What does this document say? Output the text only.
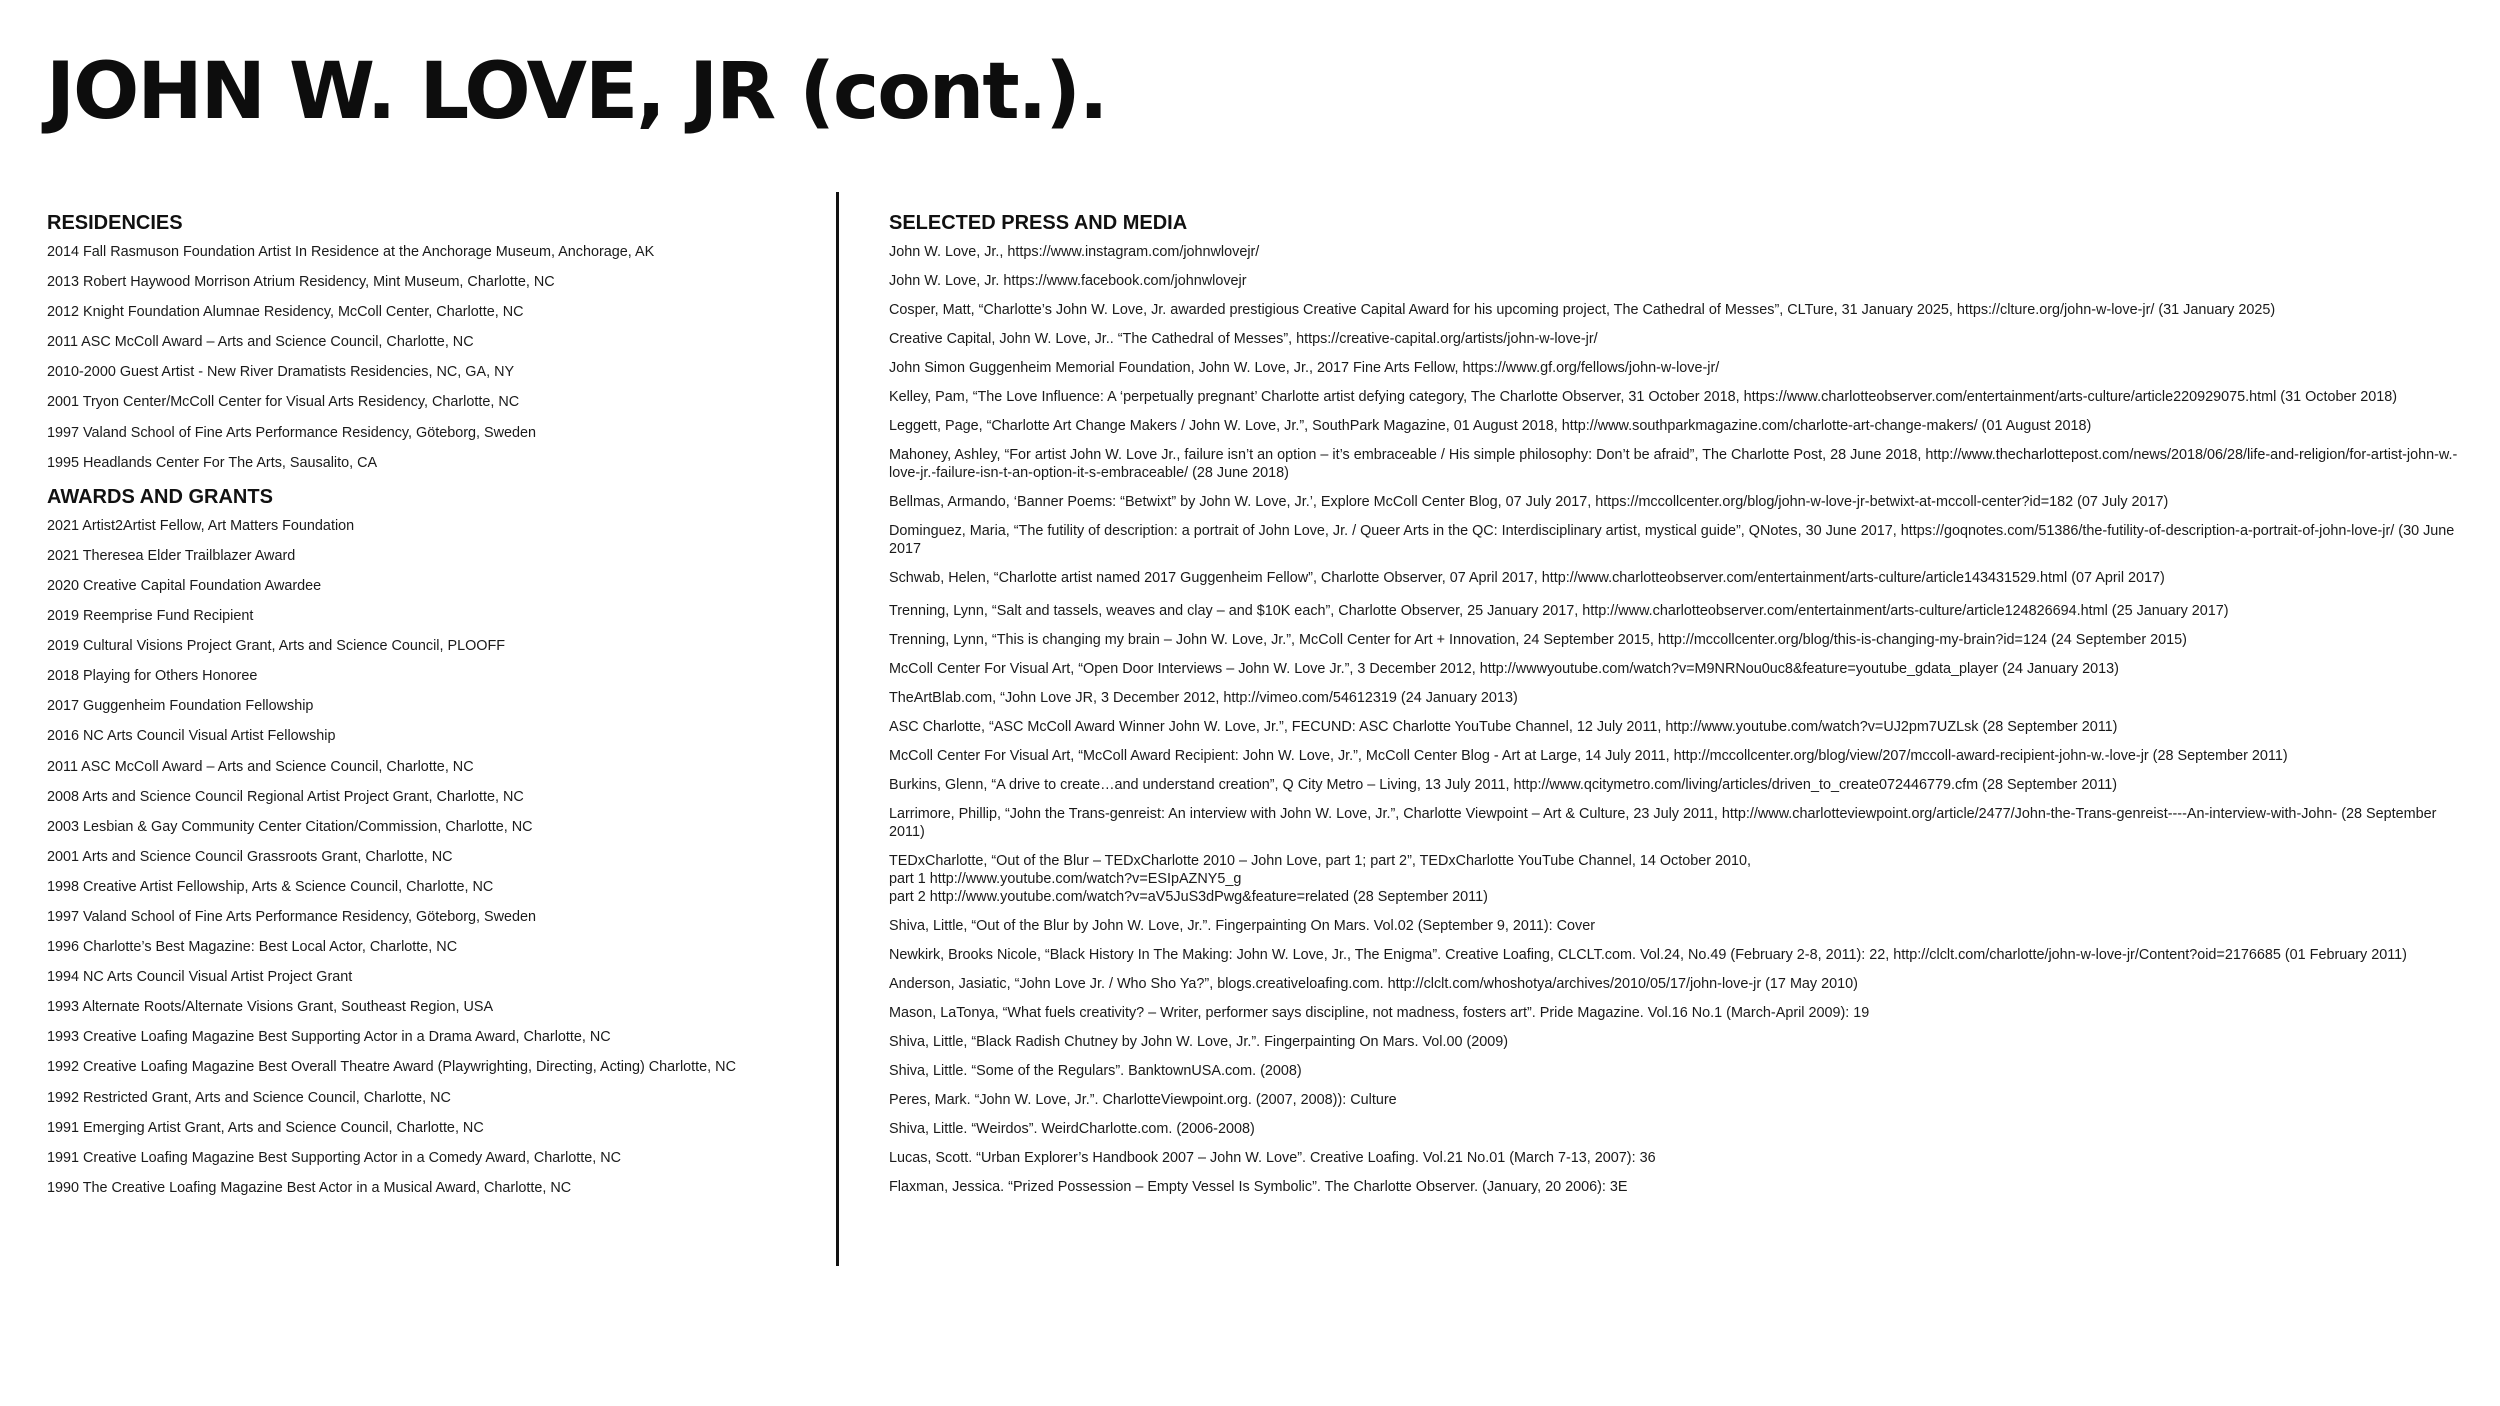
JOHN W. LOVE, JR (cont.).
RESIDENCIES
2014 Fall Rasmuson Foundation Artist In Residence at the Anchorage Museum, Anchorage, AK
2013 Robert Haywood Morrison Atrium Residency, Mint Museum, Charlotte, NC
2012 Knight Foundation Alumnae Residency, McColl Center, Charlotte, NC
2011 ASC McColl Award – Arts and Science Council, Charlotte, NC
2010-2000 Guest Artist - New River Dramatists Residencies, NC, GA, NY
2001 Tryon Center/McColl Center for Visual Arts Residency, Charlotte, NC
1997 Valand School of Fine Arts Performance Residency, Göteborg, Sweden
1995 Headlands Center For The Arts, Sausalito, CA
AWARDS AND GRANTS
2021 Artist2Artist Fellow, Art Matters Foundation
2021 Theresea Elder Trailblazer Award
2020 Creative Capital Foundation Awardee
2019 Reemprise Fund Recipient
2019 Cultural Visions Project Grant, Arts and Science Council, PLOOFF
2018 Playing for Others Honoree
2017 Guggenheim Foundation Fellowship
2016 NC Arts Council Visual Artist Fellowship
2011 ASC McColl Award – Arts and Science Council, Charlotte, NC
2008 Arts and Science Council Regional Artist Project Grant, Charlotte, NC
2003 Lesbian & Gay Community Center Citation/Commission, Charlotte, NC
2001 Arts and Science Council Grassroots Grant, Charlotte, NC
1998 Creative Artist Fellowship, Arts & Science Council, Charlotte, NC
1997 Valand School of Fine Arts Performance Residency, Göteborg, Sweden
1996 Charlotte’s Best Magazine: Best Local Actor, Charlotte, NC
1994 NC Arts Council Visual Artist Project Grant
1993 Alternate Roots/Alternate Visions Grant, Southeast Region, USA
1993 Creative Loafing Magazine Best Supporting Actor in a Drama Award, Charlotte, NC
1992 Creative Loafing Magazine Best Overall Theatre Award (Playwrighting, Directing, Acting) Charlotte, NC
1992 Restricted Grant, Arts and Science Council, Charlotte, NC
1991 Emerging Artist Grant, Arts and Science Council, Charlotte, NC
1991 Creative Loafing Magazine Best Supporting Actor in a Comedy Award, Charlotte, NC
1990 The Creative Loafing Magazine Best Actor in a Musical Award, Charlotte, NC
SELECTED PRESS AND MEDIA
John W. Love, Jr., https://www.instagram.com/johnwlovejr/
John W. Love, Jr. https://www.facebook.com/johnwlovejr
Cosper, Matt, “Charlotte’s John W. Love, Jr. awarded prestigious Creative Capital Award for his upcoming project, The Cathedral of Messes”, CLTure, 31 January 2025, https://clture.org/john-w-love-jr/ (31 January 2025)
Creative Capital, John W. Love, Jr.. “The Cathedral of Messes”, https://creative-capital.org/artists/john-w-love-jr/
John Simon Guggenheim Memorial Foundation, John W. Love, Jr., 2017 Fine Arts Fellow, https://www.gf.org/fellows/john-w-love-jr/
Kelley, Pam, “The Love Influence: A ‘perpetually pregnant’ Charlotte artist defying category, The Charlotte Observer, 31 October 2018, https://www.charlotteobserver.com/entertainment/arts-culture/article220929075.html (31 October 2018)
Leggett, Page, “Charlotte Art Change Makers / John W. Love, Jr.”, SouthPark Magazine, 01 August 2018, http://www.southparkmagazine.com/charlotte-art-change-makers/ (01 August 2018)
Mahoney, Ashley, “For artist John W. Love Jr., failure isn’t an option – it’s embraceable / His simple philosophy: Don’t be afraid”, The Charlotte Post, 28 June 2018, http://www.thecharlottepost.com/news/2018/06/28/life-and-religion/for-artist-john-w.-love-jr.-failure-isn-t-an-option-it-s-embraceable/ (28 June 2018)
Bellmas, Armando, ‘Banner Poems: “Betwixt” by John W. Love, Jr.’, Explore McColl Center Blog, 07 July 2017, https://mccollcenter.org/blog/john-w-love-jr-betwixt-at-mccoll-center?id=182 (07 July 2017)
Dominguez, Maria, “The futility of description: a portrait of John Love, Jr. / Queer Arts in the QC: Interdisciplinary artist, mystical guide”, QNotes, 30 June 2017, https://goqnotes.com/51386/the-futility-of-description-a-portrait-of-john-love-jr/ (30 June 2017
Schwab, Helen, “Charlotte artist named 2017 Guggenheim Fellow”, Charlotte Observer, 07 April 2017, http://www.charlotteobserver.com/entertainment/arts-culture/article143431529.html (07 April 2017)
Trenning, Lynn, “Salt and tassels, weaves and clay – and $10K each”, Charlotte Observer, 25 January 2017, http://www.charlotteobserver.com/entertainment/arts-culture/article124826694.html (25 January 2017)
Trenning, Lynn, “This is changing my brain – John W. Love, Jr.”, McColl Center for Art + Innovation, 24 September 2015, http://mccollcenter.org/blog/this-is-changing-my-brain?id=124 (24 September 2015)
McColl Center For Visual Art, “Open Door Interviews – John W. Love Jr.”, 3 December 2012, http://wwwyoutube.com/watch?v=M9NRNou0uc8&feature=youtube_gdata_player (24 January 2013)
TheArtBlab.com, “John Love JR, 3 December 2012, http://vimeo.com/54612319 (24 January 2013)
ASC Charlotte, “ASC McColl Award Winner John W. Love, Jr.”, FECUND: ASC Charlotte YouTube Channel, 12 July 2011, http://www.youtube.com/watch?v=UJ2pm7UZLsk (28 September 2011)
McColl Center For Visual Art, “McColl Award Recipient: John W. Love, Jr.”, McColl Center Blog - Art at Large, 14 July 2011, http://mccollcenter.org/blog/view/207/mccoll-award-recipient-john-w.-love-jr (28 September 2011)
Burkins, Glenn, “A drive to create…and understand creation”, Q City Metro – Living, 13 July 2011, http://www.qcitymetro.com/living/articles/driven_to_create072446779.cfm (28 September 2011)
Larrimore, Phillip, “John the Trans-genreist: An interview with John W. Love, Jr.”, Charlotte Viewpoint – Art & Culture, 23 July 2011, http://www.charlotteviewpoint.org/article/2477/John-the-Trans-genreist----An-interview-with-John- (28 September 2011)
TEDxCharlotte, “Out of the Blur – TEDxCharlotte 2010 – John Love, part 1; part 2”, TEDxCharlotte YouTube Channel, 14 October 2010,
part 1 http://www.youtube.com/watch?v=ESIpAZNY5_g
part 2 http://www.youtube.com/watch?v=aV5JuS3dPwg&feature=related (28 September 2011)
Shiva, Little, “Out of the Blur by John W. Love, Jr.”. Fingerpainting On Mars. Vol.02 (September 9, 2011): Cover
Newkirk, Brooks Nicole, “Black History In The Making: John W. Love, Jr., The Enigma”. Creative Loafing, CLCLT.com. Vol.24, No.49 (February 2-8, 2011): 22, http://clclt.com/charlotte/john-w-love-jr/Content?oid=2176685 (01 February 2011)
Anderson, Jasiatic, “John Love Jr. / Who Sho Ya?”, blogs.creativeloafing.com. http://clclt.com/whoshotya/archives/2010/05/17/john-love-jr (17 May 2010)
Mason, LaTonya, “What fuels creativity? – Writer, performer says discipline, not madness, fosters art”. Pride Magazine. Vol.16 No.1 (March-April 2009): 19
Shiva, Little, “Black Radish Chutney by John W. Love, Jr.”. Fingerpainting On Mars. Vol.00 (2009)
Shiva, Little. “Some of the Regulars”. BanktownUSA.com. (2008)
Peres, Mark. “John W. Love, Jr.”. CharlotteViewpoint.org. (2007, 2008)): Culture
Shiva, Little. “Weirdos”. WeirdCharlotte.com. (2006-2008)
Lucas, Scott. “Urban Explorer’s Handbook 2007 – John W. Love”. Creative Loafing. Vol.21 No.01 (March 7-13, 2007): 36
Flaxman, Jessica. “Prized Possession – Empty Vessel Is Symbolic”. The Charlotte Observer. (January, 20 2006): 3E
